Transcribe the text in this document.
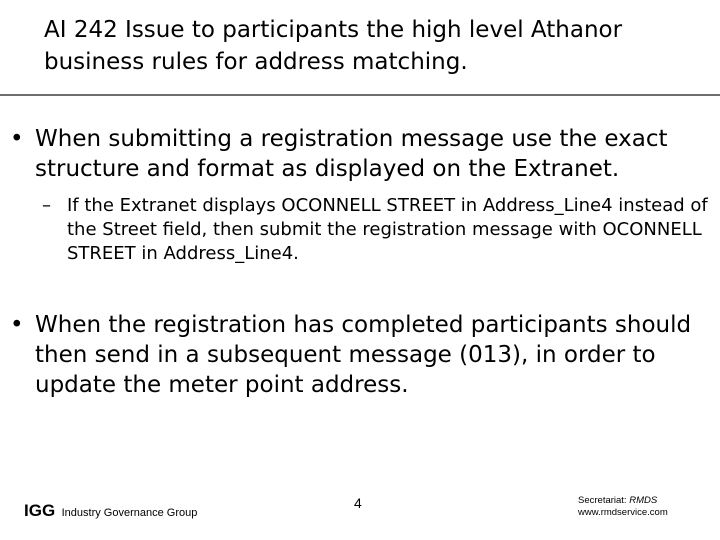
AI 242 Issue to participants the high level Athanor business rules for address matching.
• When submitting a registration message use the exact structure and format as displayed on the Extranet.
– If the Extranet displays OCONNELL STREET in Address_Line4 instead of the Street field, then submit the registration message with OCONNELL STREET in Address_Line4.
• When the registration has completed participants should then send in a subsequent message (013), in order to update the meter point address.
IGG Industry Governance Group
4	Secretariat: RMDS
www.rmdservice.com
